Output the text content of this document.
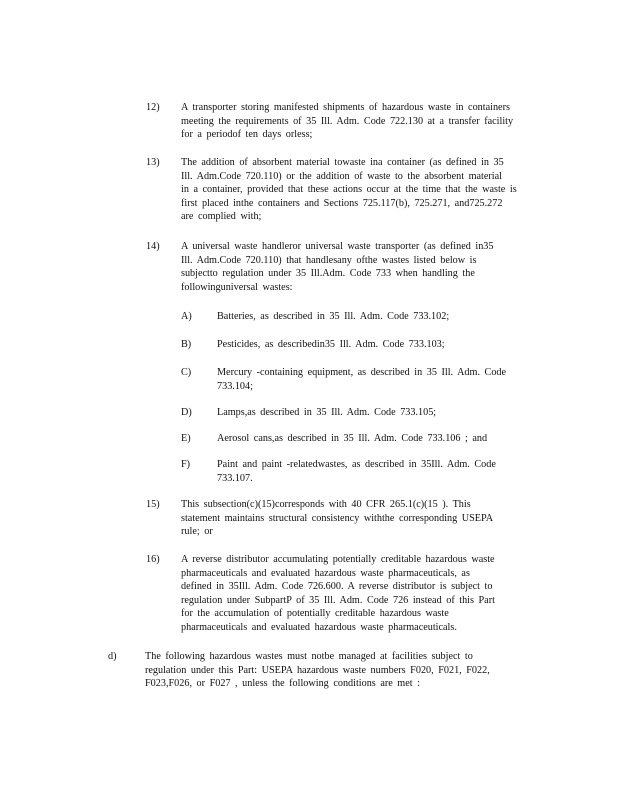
12) A transporter storing manifested shipments of hazardous waste in containers
meeting the requirements of 35 Ill. Adm. Code 722.130 at a transfer facility
for a periodof ten days orless;
13) The addition of absorbent material towaste ina container (as defined in 35
Ill. Adm.Code 720.110) or the addition of waste to the absorbent material
in a container, provided that these actions occur at the time that the waste is
first placed inthe containers and Sections 725.117(b), 725.271, and725.272
are complied with;
14) A universal waste handleror universal waste transporter (as defined in35
Ill. Adm.Code 720.110) that handlesany ofthe wastes listed below is
subjectto regulation under 35 Ill.Adm. Code 733 when handling the
followinguniversal wastes:
A) Batteries, as described in 35 Ill. Adm. Code 733.102;
B)	Pesticides, as describedin35 Ill. Adm. Code 733.103;
C)	Mercury -containing equipment, as described in 35 Ill. Adm. Code
733.104;
D) Lamps,as described in 35 Ill. Adm. Code 733.105;
E)	Aerosol cans,as described in 35 Ill. Adm. Code 733.106 ; and
F)	Paint and paint -relatedwastes, as described in 35Ill. Adm. Code
733.107.
15) This subsection(c)(15)corresponds with 40 CFR 265.1(c)(15 ). This
statement maintains structural consistency withthe corresponding USEPA
rule; or
16) A reverse distributor accumulating potentially creditable hazardous waste
pharmaceuticals and evaluated hazardous waste pharmaceuticals, as
defined in 35Ill. Adm. Code 726.600. A reverse distributor is subject to
regulation under SubpartP of 35 Ill. Adm. Code 726 instead of this Part
for the accumulation of potentially creditable hazardous waste
pharmaceuticals and evaluated hazardous waste pharmaceuticals.
d)	The following hazardous wastes must notbe managed at facilities subject to
regulation under this Part: USEPA hazardous waste numbers F020, F021, F022,
F023,F026, or F027 , unless the following conditions are met :
